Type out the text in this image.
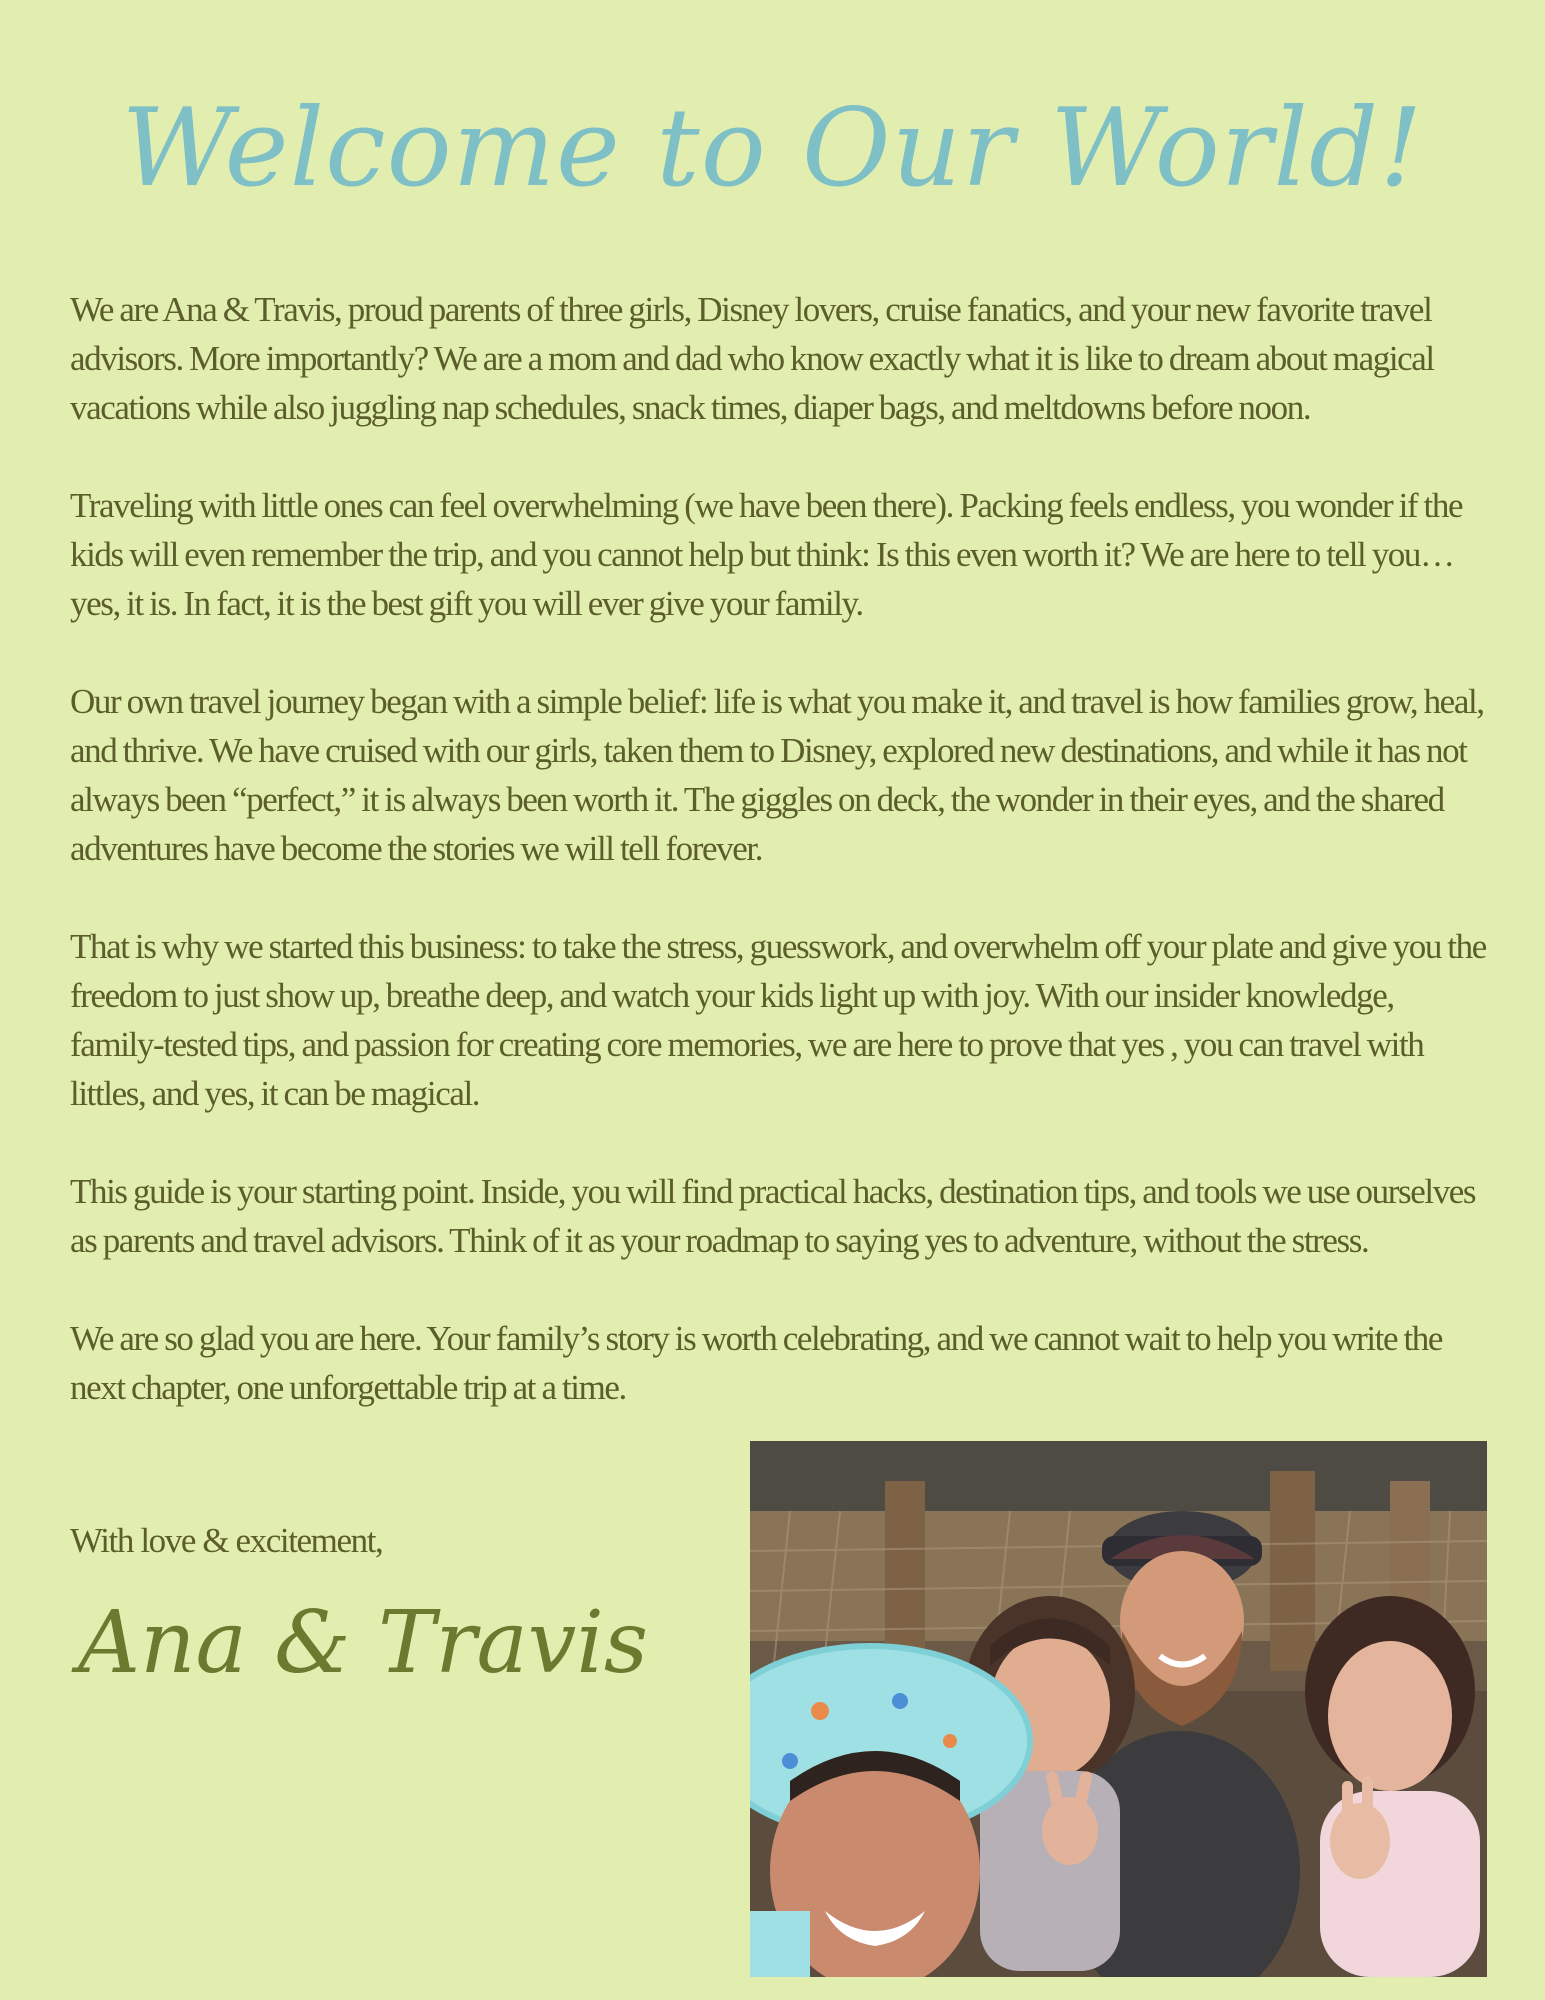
Welcome to Our World!

We are Ana & Travis, proud parents of three girls, Disney lovers, cruise fanatics, and your new favorite travel advisors. More importantly? We are a mom and dad who know exactly what it is like to dream about magical vacations while also juggling nap schedules, snack times, diaper bags, and meltdowns before noon.

Traveling with little ones can feel overwhelming (we have been there). Packing feels endless, you wonder if the kids will even remember the trip, and you cannot help but think: Is this even worth it? We are here to tell you… yes, it is. In fact, it is the best gift you will ever give your family.

Our own travel journey began with a simple belief: life is what you make it, and travel is how families grow, heal, and thrive. We have cruised with our girls, taken them to Disney, explored new destinations, and while it has not always been “perfect,” it is always been worth it. The giggles on deck, the wonder in their eyes, and the shared adventures have become the stories we will tell forever.

That is why we started this business: to take the stress, guesswork, and overwhelm off your plate and give you the freedom to just show up, breathe deep, and watch your kids light up with joy. With our insider knowledge, family-tested tips, and passion for creating core memories, we are here to prove that yes , you can travel with littles, and yes, it can be magical.

This guide is your starting point. Inside, you will find practical hacks, destination tips, and tools we use ourselves as parents and travel advisors. Think of it as your roadmap to saying yes to adventure, without the stress.

We are so glad you are here. Your family’s story is worth celebrating, and we cannot wait to help you write the next chapter, one unforgettable trip at a time.

With love & excitement,
Ana & Travis
